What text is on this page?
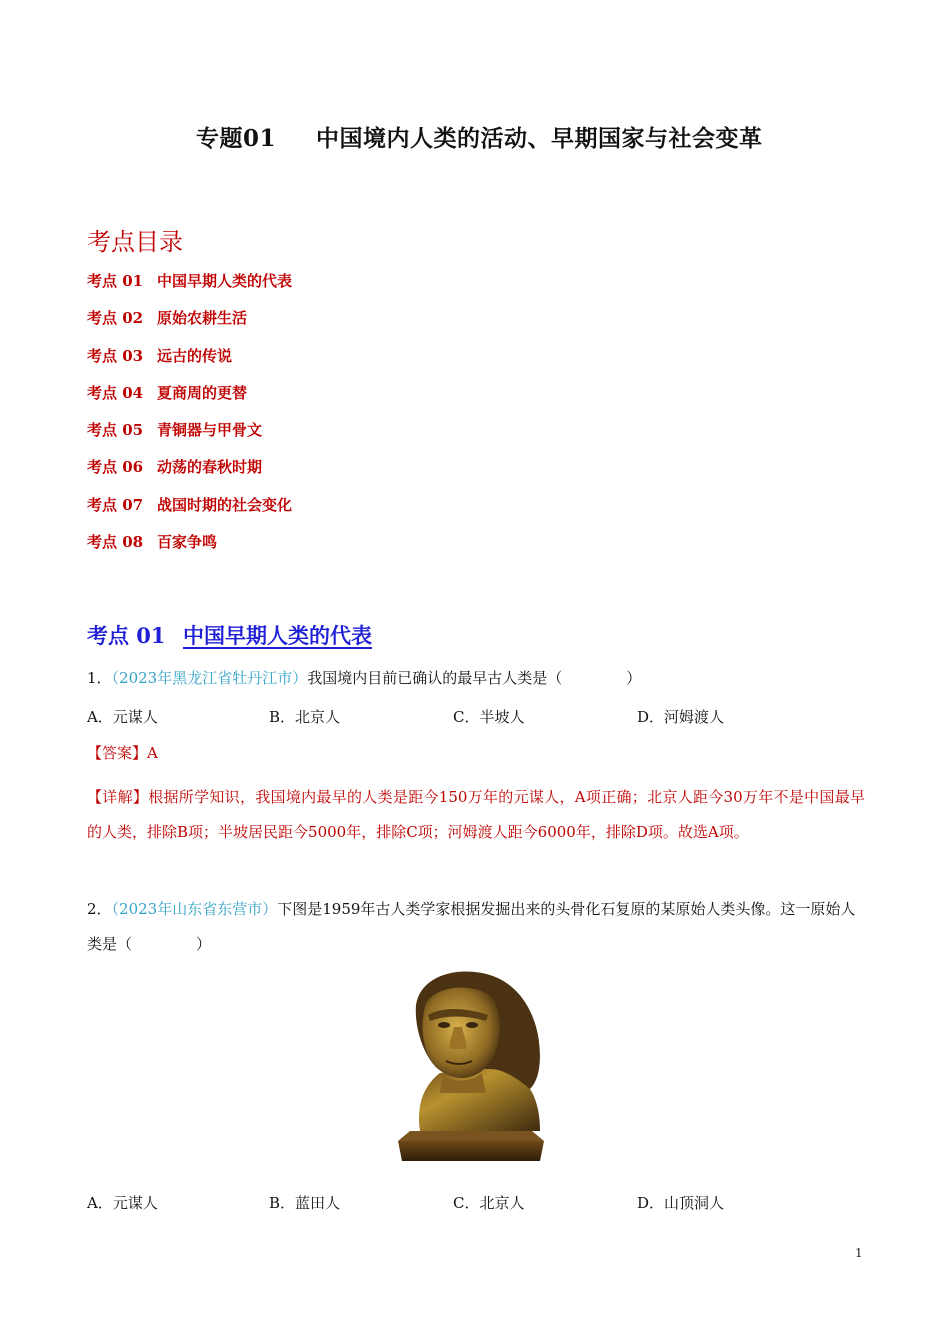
专题01 中国境内人类的活动、早期国家与社会变革
考点目录
考点 01 中国早期人类的代表
考点 02 原始农耕生活
考点 03 远古的传说
考点 04 夏商周的更替
考点 05 青铜器与甲骨文
考点 06 动荡的春秋时期
考点 07 战国时期的社会变化
考点 08 百家争鸣
考点 01 中国早期人类的代表
1．（2023年黑龙江省牡丹江市）我国境内目前已确认的最早古人类是（	）
A．元谋人	B．北京人	C．半坡人	D．河姆渡人
【答案】A
【详解】根据所学知识，我国境内最早的人类是距今150万年的元谋人，A项正确；北京人距今30万年不是中国最早的人类，排除B项；半坡居民距今5000年，排除C项；河姆渡人距今6000年，排除D项。故选A项。
2．（2023年山东省东营市）下图是1959年古人类学家根据发掘出来的头骨化石复原的某原始人类头像。这一原始人类是（	）
A．元谋人	B．蓝田人	C．北京人	D．山顶洞人
1
